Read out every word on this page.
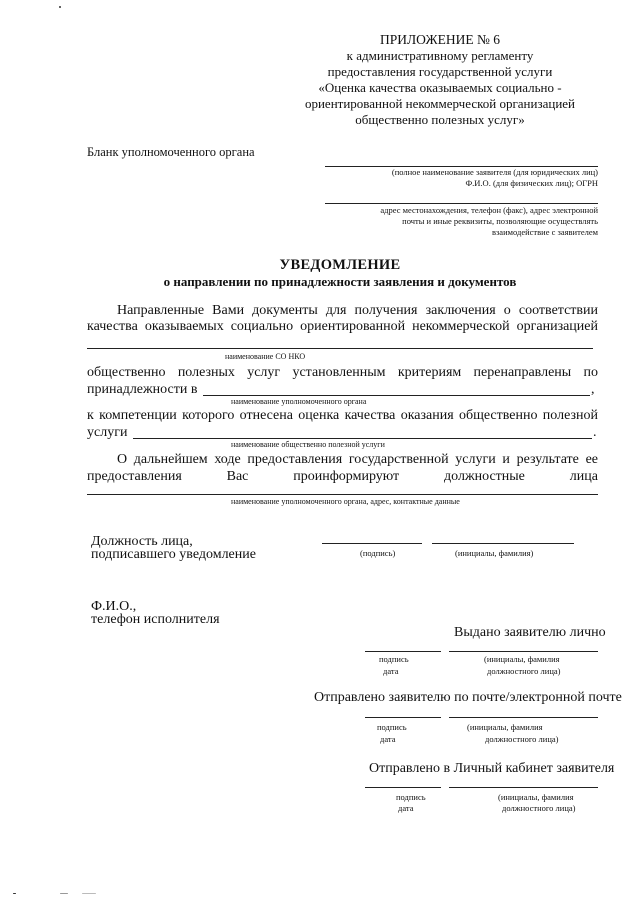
ПРИЛОЖЕНИЕ № 6
к административному регламенту
предоставления государственной услуги
«Оценка качества оказываемых социально -
ориентированной некоммерческой организацией
общественно полезных услуг»
Бланк уполномоченного органа
(полное наименование заявителя (для юридических лиц)
Ф.И.О. (для физических лиц); ОГРН
адрес местонахождения, телефон (факс), адрес электронной
почты и иные реквизиты, позволяющие осуществлять
взаимодействие с заявителем
УВЕДОМЛЕНИЕ
о направлении по принадлежности заявления и документов
Направленные Вами документы для получения заключения о соответствии
качества оказываемых социально ориентированной некоммерческой организацией
наименование СО НКО
общественно полезных услуг установленным критериям перенаправлены по
принадлежности в	,
наименование уполномоченного органа
к компетенции которого отнесена оценка качества оказания общественно полезной
услуги	.
наименование общественно полезной услуги
О дальнейшем ходе предоставления государственной услуги и результате ее
предоставления	Вас	проинформируют	должностные	лица
наименование уполномоченного органа, адрес, контактные данные
Должность лица,
подписавшего уведомление	(подпись)	(инициалы, фамилия)
Ф.И.О.,
телефон исполнителя
Выдано заявителю лично
подпись
дата
(инициалы, фамилия
должностного лица)
Отправлено заявителю по почте/электронной почте
подпись
дата
(инициалы, фамилия
должностного лица)
Отправлено в Личный кабинет заявителя
подпись
дата
(инициалы, фамилия
должностного лица)
